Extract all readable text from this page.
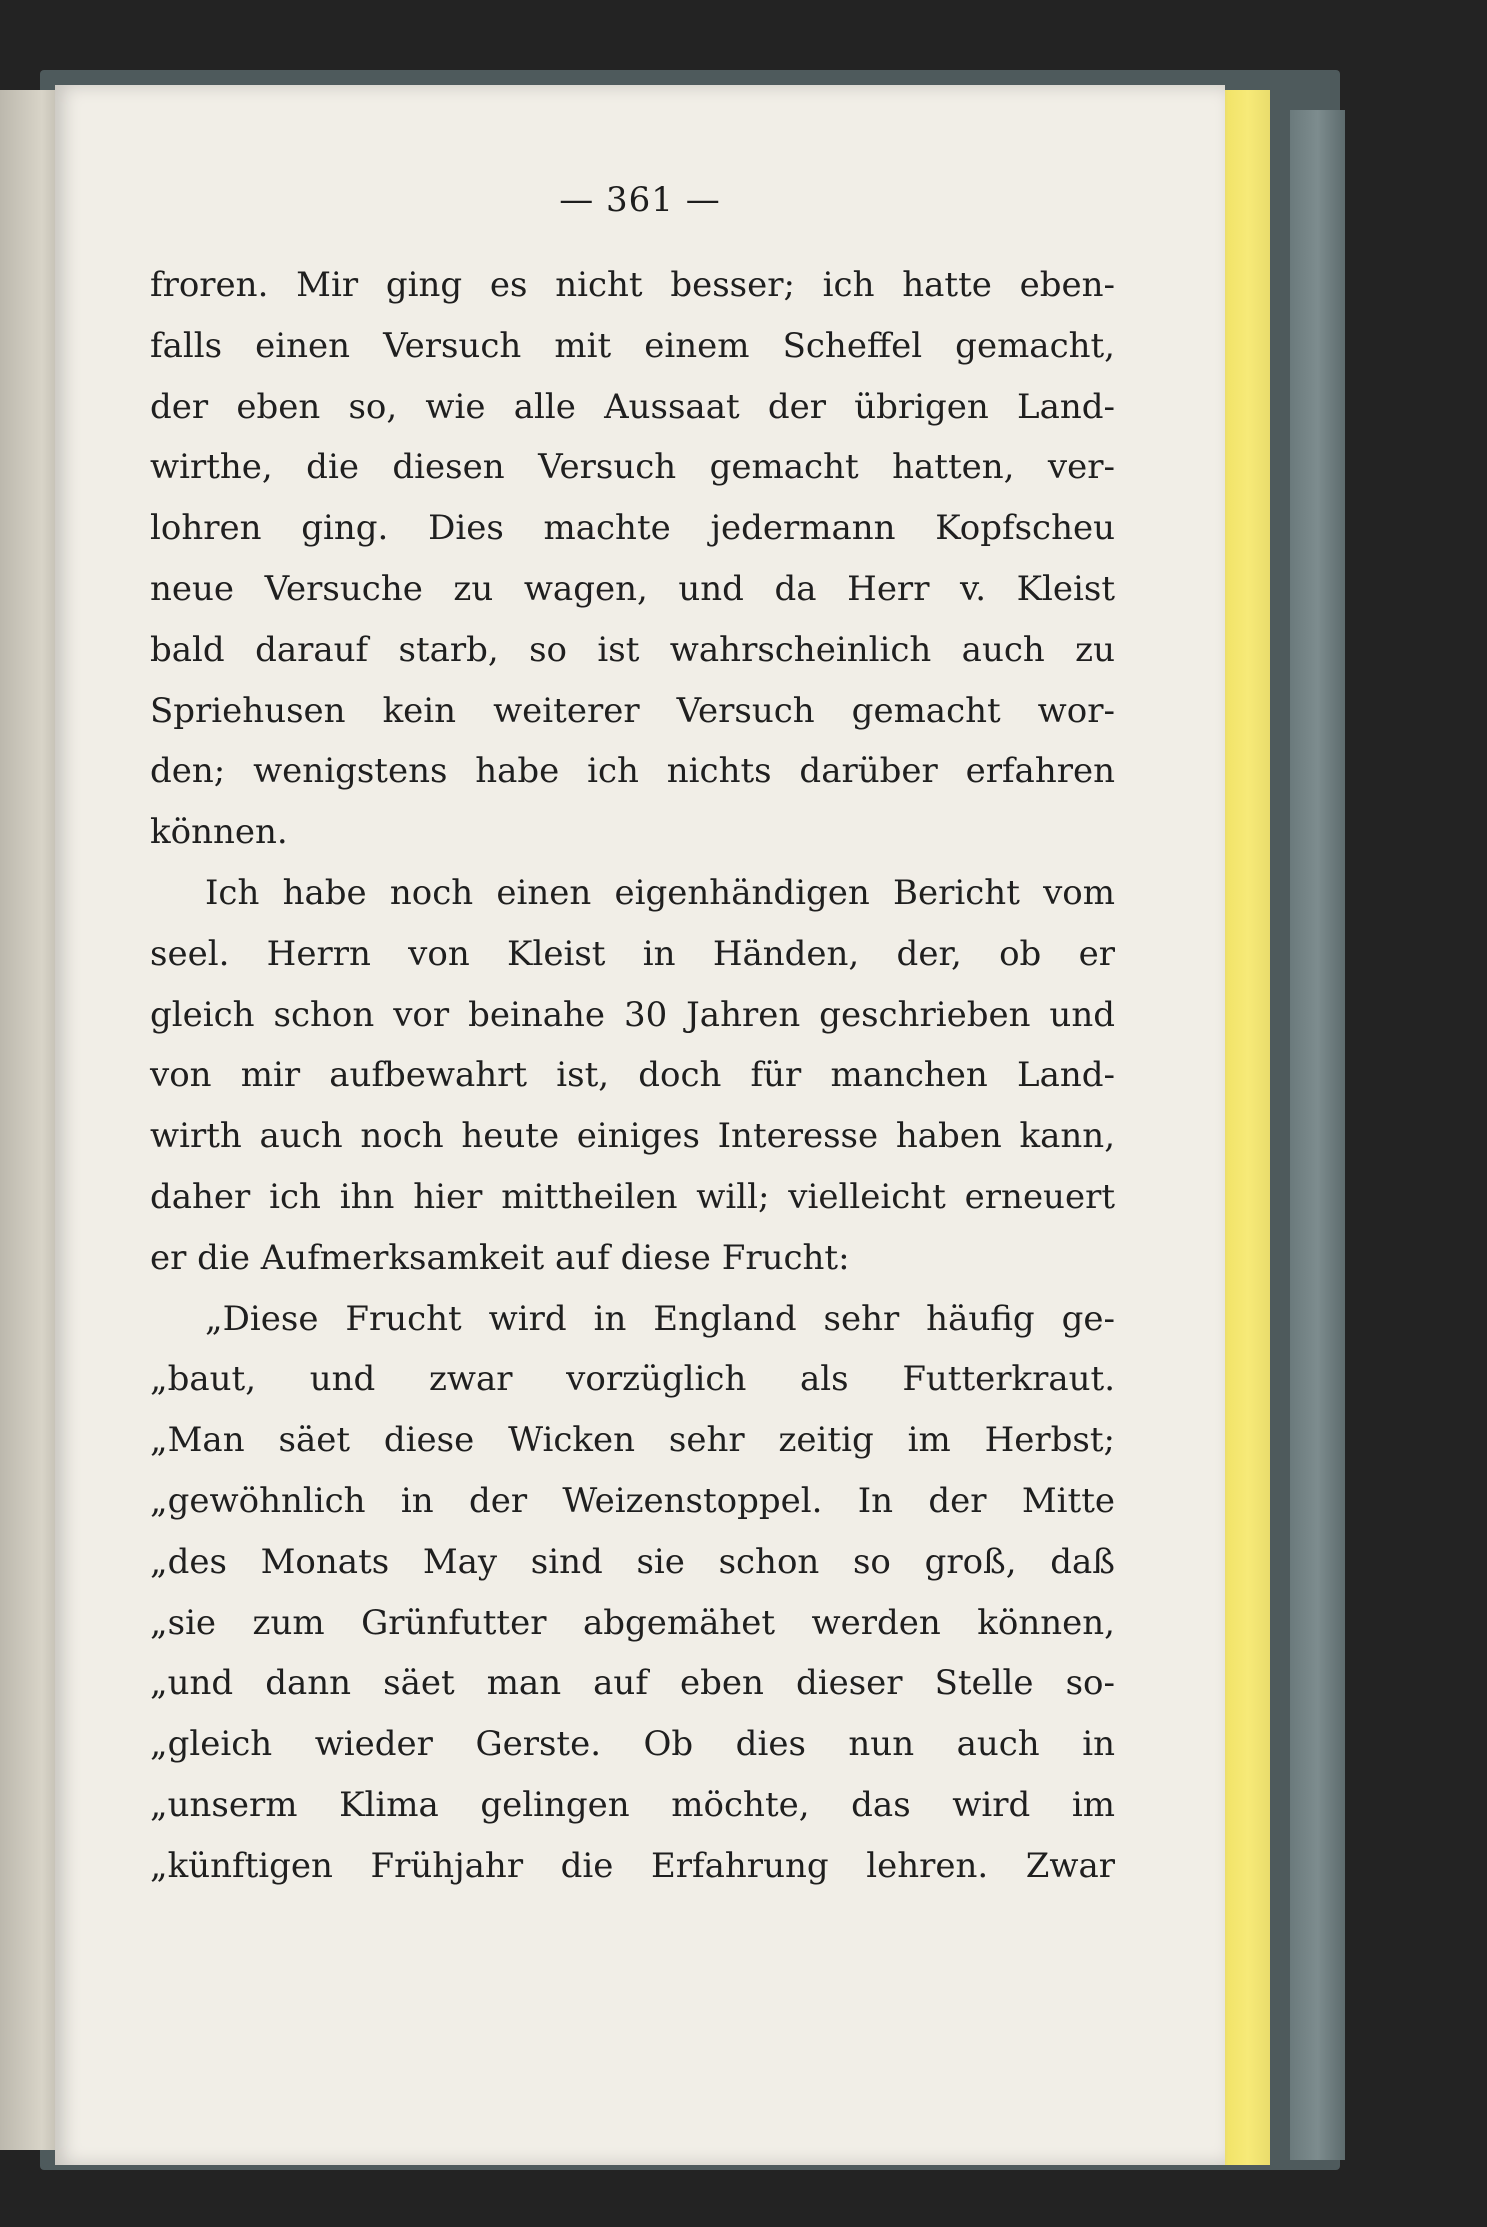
— 361 —
froren. Mir ging es nicht besser; ich hatte eben-
falls einen Versuch mit einem Scheffel gemacht,
der eben so, wie alle Aussaat der übrigen Land-
wirthe, die diesen Versuch gemacht hatten, ver-
lohren ging. Dies machte jedermann Kopfscheu
neue Versuche zu wagen, und da Herr v. Kleist
bald darauf starb, so ist wahrscheinlich auch zu
Spriehusen kein weiterer Versuch gemacht wor-
den; wenigstens habe ich nichts darüber erfahren
können.
Ich habe noch einen eigenhändigen Bericht vom
seel. Herrn von Kleist in Händen, der, ob er
gleich schon vor beinahe 30 Jahren geschrieben und
von mir aufbewahrt ist, doch für manchen Land-
wirth auch noch heute einiges Interesse haben kann,
daher ich ihn hier mittheilen will; vielleicht erneuert
er die Aufmerksamkeit auf diese Frucht:
„Diese Frucht wird in England sehr häufig ge-
„baut, und zwar vorzüglich als Futterkraut.
„Man säet diese Wicken sehr zeitig im Herbst;
„gewöhnlich in der Weizenstoppel. In der Mitte
„des Monats May sind sie schon so groß, daß
„sie zum Grünfutter abgemähet werden können,
„und dann säet man auf eben dieser Stelle so-
„gleich wieder Gerste. Ob dies nun auch in
„unserm Klima gelingen möchte, das wird im
„künftigen Frühjahr die Erfahrung lehren. Zwar
